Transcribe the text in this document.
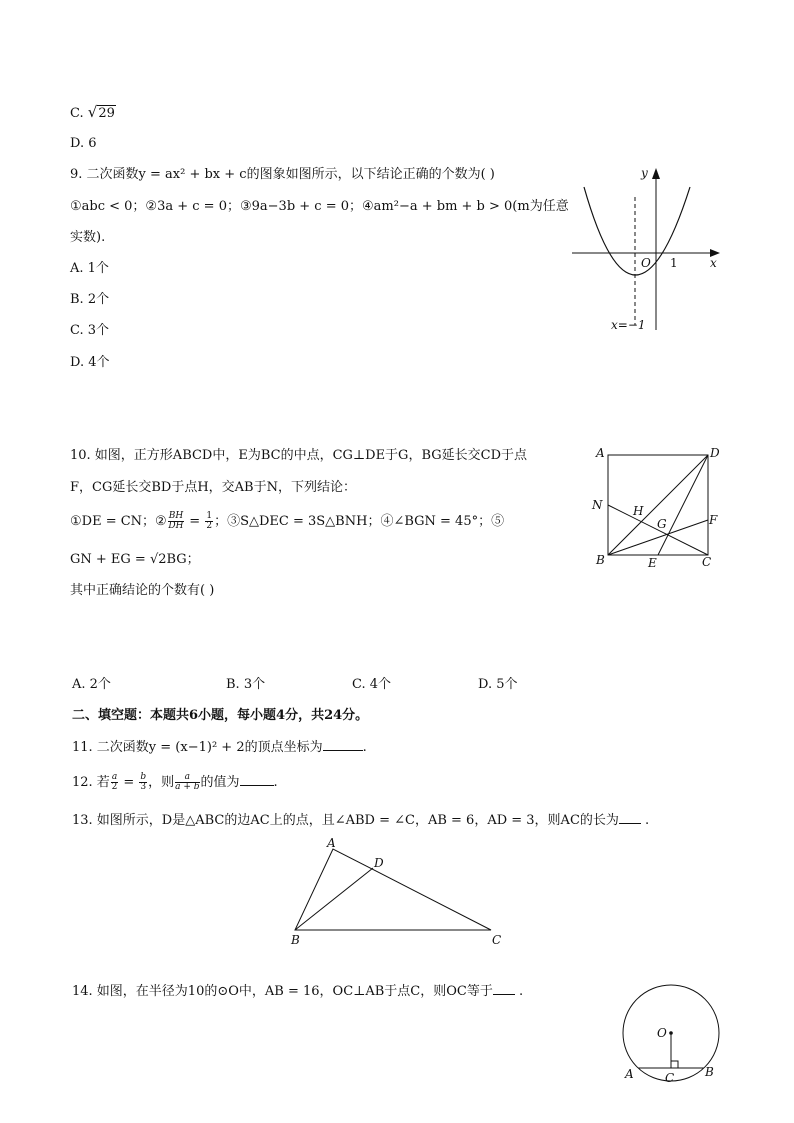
C. √29
D. 6
9. 二次函数y = ax² + bx + c的图象如图所示，以下结论正确的个数为( )
①abc < 0；②3a + c = 0；③9a−3b + c = 0；④am²−a + bm + b > 0(m为任意
实数).
A. 1个
B. 2个
C. 3个
D. 4个
y
x
O 1
x=−1
10. 如图，正方形ABCD中，E为BC的中点，CG⊥DE于G，BG延长交CD于点
F，CG延长交BD于点H，交AB于N，下列结论：
①DE = CN；② $\frac{BH}{DH} = \frac{1}{2}$ ；③S△DEC = 3S△BNH；④∠BGN = 45°；⑤
GN + EG = √2BG；
其中正确结论的个数有( )
A. 2个	B. 3个	C. 4个	D. 5个
A	D
B	C
E
F
G
H
N
二、填空题：本题共6小题，每小题4分，共24分。
11. 二次函数y = (x−1)² + 2的顶点坐标为	.
12. 若 $\frac{a}{2} = \frac{b}{3}$ ，则 $\frac{a}{a + b}$ 的值为	.
13. 如图所示，D是△ABC的边AC上的点，且∠ABD = ∠C，AB = 6，AD = 3，则AC的长为 .
A
D
B	C
14. 如图，在半径为10的⊙O中，AB = 16，OC⊥AB于点C，则OC等于 .
O
A	B
C
